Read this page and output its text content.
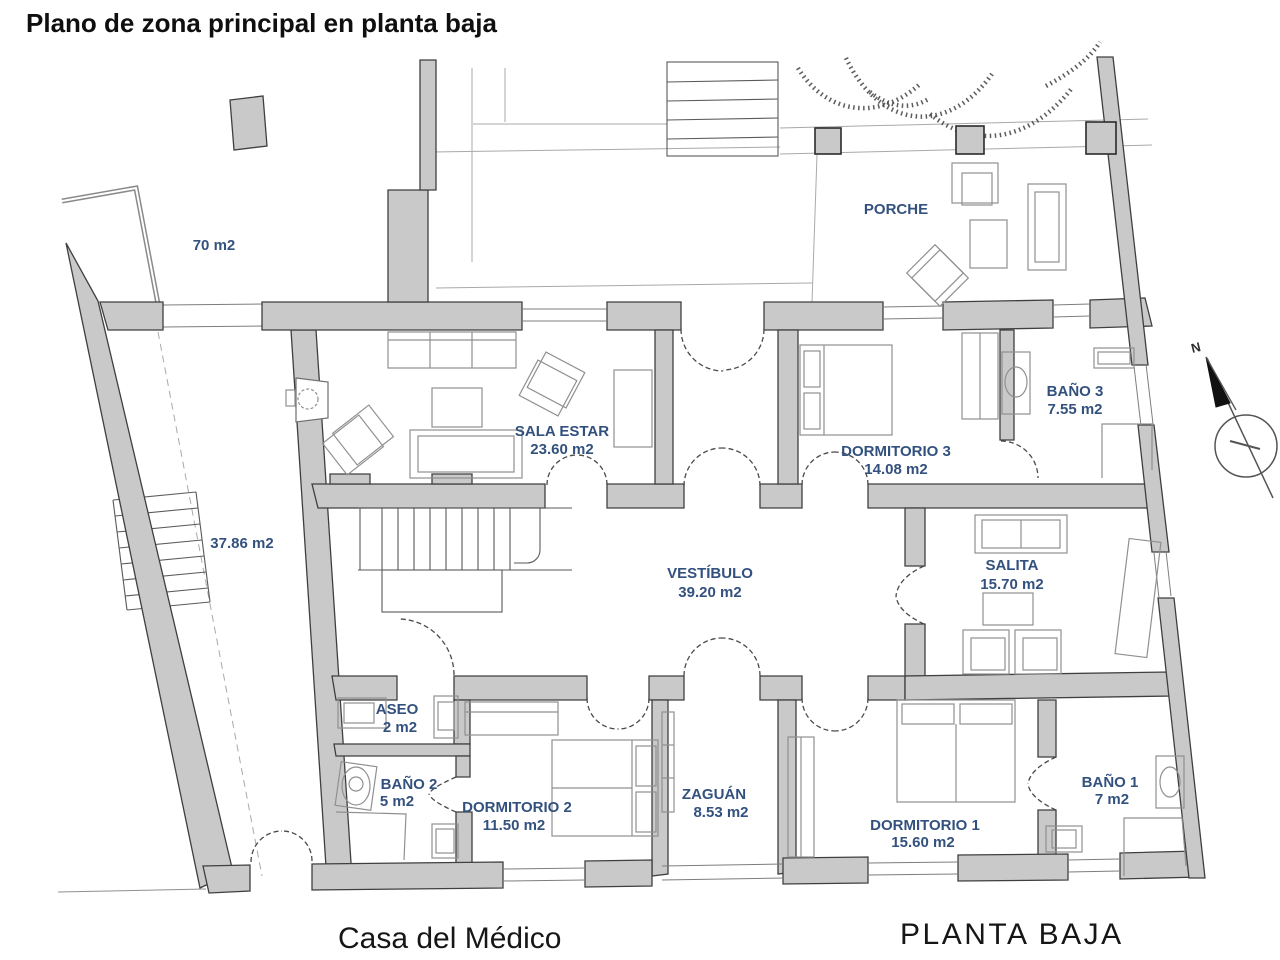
N
Plano de zona principal en planta baja
70 m2
37.86 m2
PORCHE
SALA ESTAR
23.60 m2	DORMITORIO 3
14.08 m2
BAÑO 3
7.55 m2
VESTÍBULO
39.20 m2
SALITA
15.70 m2
ASEO
2 m2
BAÑO 2
5 m2	DORMITORIO 2
11.50 m2
ZAGUÁN
8.53 m2
DORMITORIO 1
15.60 m2
BAÑO 1
7 m2
Casa del Médico	PLANTA BAJA
